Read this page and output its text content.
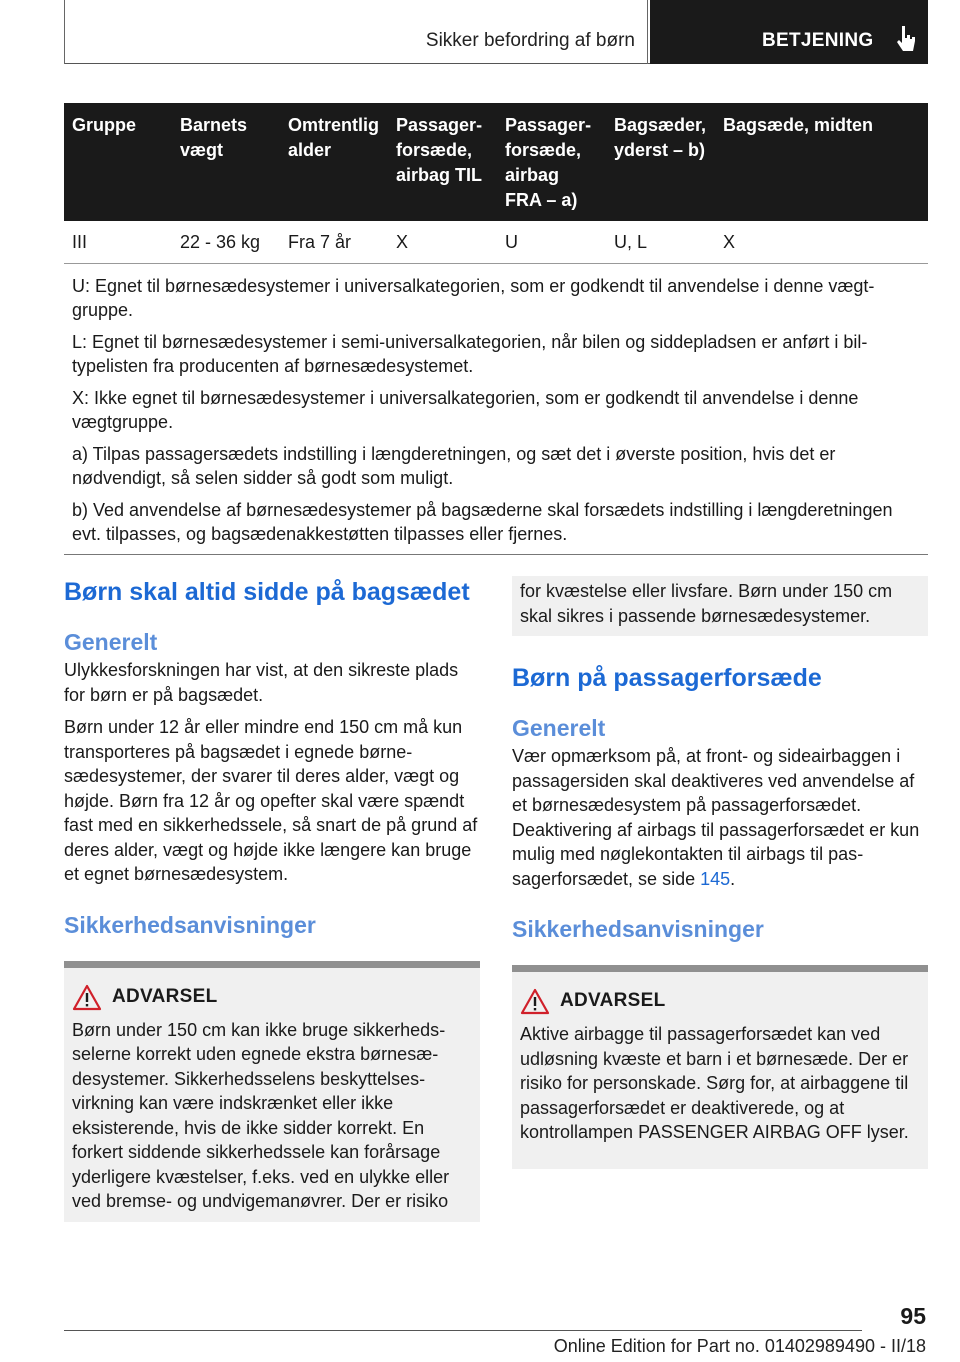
Sikker befordring af børn	BETJENING
Gruppe	Barnets vægt	Omtrentlig alder	Passagerforsæde, airbag TIL	Passagerforsæde, airbag FRA – a)	Bagsæder, yderst – b)	Bagsæde, midten
III	22 - 36 kg	Fra 7 år	X	U	U, L	X

U: Egnet til børnesædesystemer i universalkategorien, som er godkendt til anvendelse i denne vægtgruppe.

L: Egnet til børnesædesystemer i semi-universalkategorien, når bilen og siddepladsen er anført i biltypelisten fra producenten af børnesædesystemet.

X: Ikke egnet til børnesædesystemer i universalkategorien, som er godkendt til anvendelse i denne vægtgruppe.

a) Tilpas passagersædets indstilling i længderetningen, og sæt det i øverste position, hvis det er nødvendigt, så selen sidder så godt som muligt.

b) Ved anvendelse af børnesædesystemer på bagsæderne skal forsædets indstilling i længderetningen evt. tilpasses, og bagsædenakkestøtten tilpasses eller fjernes.						

Børn skal altid sidde på bagsædet
Generelt

Ulykkesforskningen har vist, at den sikreste plads for børn er på bagsædet.

Børn under 12 år eller mindre end 150 cm må kun transporteres på bagsædet i egnede børnesædesystemer, der svarer til deres alder, vægt og højde. Børn fra 12 år og opefter skal være spændt fast med en sikkerhedssele, så snart de på grund af deres alder, vægt og højde ikke længere kan bruge et egnet børnesædesystem.

Sikkerhedsanvisninger
ADVARSEL

Børn under 150 cm kan ikke bruge sikkerhedsselerne korrekt uden egnede ekstra børnesædesystemer. Sikkerhedsselens beskyttelsesvirkning kan være indskrænket eller ikke eksisterende, hvis de ikke sidder korrekt. En forkert siddende sikkerhedssele kan forårsage yderligere kvæstelser, f.eks. ved en ulykke eller ved bremse- og undvigemanøvrer. Der er risiko

for kvæstelse eller livsfare. Børn under 150 cm skal sikres i passende børnesædesystemer.

Børn på passagerforsæde
Generelt

Vær opmærksom på, at front- og sideairbaggen i passagersiden skal deaktiveres ved anvendelse af et børnesædesystem på passagerforsædet. Deaktivering af airbags til passagerforsædet er kun mulig med nøglekontakten til airbags til passagerforsædet, se side 145.

Sikkerhedsanvisninger
ADVARSEL

Aktive airbagge til passagerforsædet kan ved udløsning kvæste et barn i et børnesæde. Der er risiko for personskade. Sørg for, at airbaggene til passagerforsædet er deaktiverede, og at kontrollampen PASSENGER AIRBAG OFF lyser.

95
Online Edition for Part no. 01402989490 - II/18
